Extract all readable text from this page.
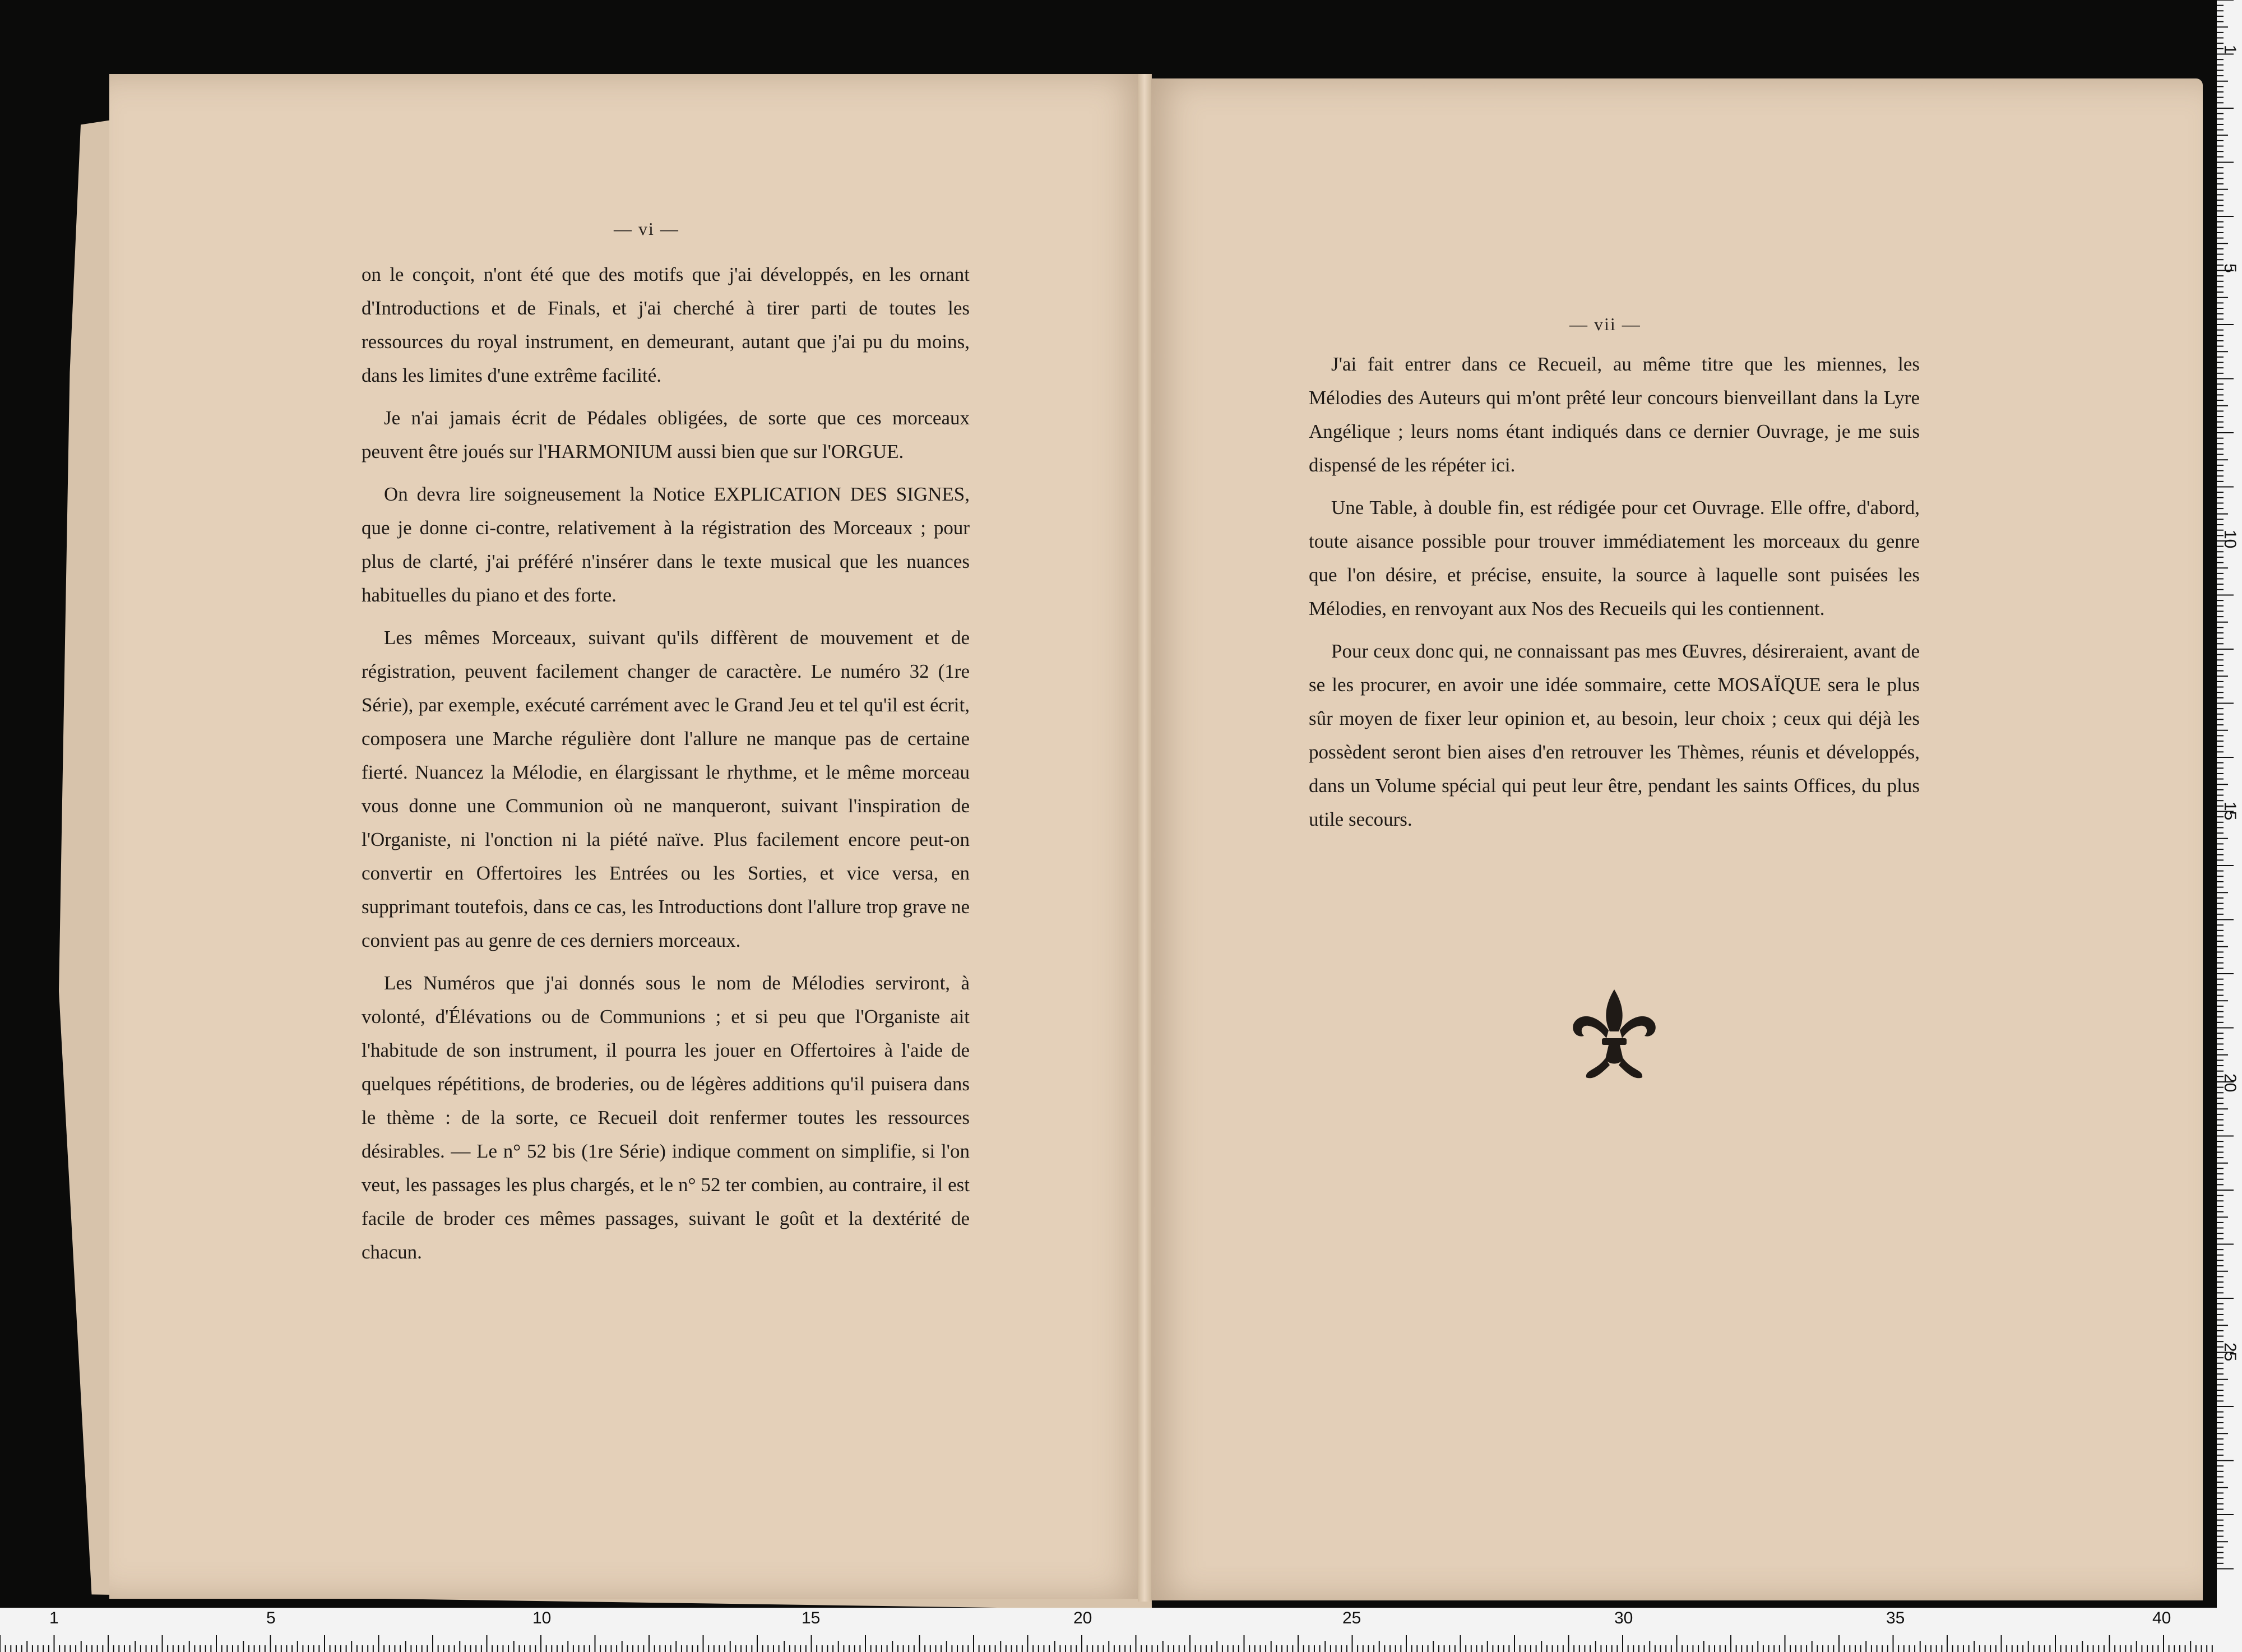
— vi —

on le conçoit, n'ont été que des motifs que j'ai développés, en les ornant d'Introductions et de Finals, et j'ai cherché à tirer parti de toutes les ressources du royal instrument, en demeurant, autant que j'ai pu du moins, dans les limites d'une extrême facilité.

Je n'ai jamais écrit de Pédales obligées, de sorte que ces morceaux peuvent être joués sur l'HARMONIUM aussi bien que sur l'ORGUE.

On devra lire soigneusement la Notice EXPLICATION DES SIGNES, que je donne ci-contre, relativement à la régistration des Morceaux ; pour plus de clarté, j'ai préféré n'insérer dans le texte musical que les nuances habituelles du piano et des forte.

Les mêmes Morceaux, suivant qu'ils diffèrent de mouvement et de régistration, peuvent facilement changer de caractère. Le numéro 32 (1re Série), par exemple, exécuté carrément avec le Grand Jeu et tel qu'il est écrit, composera une Marche régulière dont l'allure ne manque pas de certaine fierté. Nuancez la Mélodie, en élargissant le rhythme, et le même morceau vous donne une Communion où ne manqueront, suivant l'inspiration de l'Organiste, ni l'onction ni la piété naïve. Plus facilement encore peut-on convertir en Offertoires les Entrées ou les Sorties, et vice versa, en supprimant toutefois, dans ce cas, les Introductions dont l'allure trop grave ne convient pas au genre de ces derniers morceaux.

Les Numéros que j'ai donnés sous le nom de Mélodies serviront, à volonté, d'Élévations ou de Communions ; et si peu que l'Organiste ait l'habitude de son instrument, il pourra les jouer en Offertoires à l'aide de quelques répétitions, de broderies, ou de légères additions qu'il puisera dans le thème : de la sorte, ce Recueil doit renfermer toutes les ressources désirables. — Le n° 52 bis (1re Série) indique comment on simplifie, si l'on veut, les passages les plus chargés, et le n° 52 ter combien, au contraire, il est facile de broder ces mêmes passages, suivant le goût et la dextérité de chacun.

— vii —

J'ai fait entrer dans ce Recueil, au même titre que les miennes, les Mélodies des Auteurs qui m'ont prêté leur concours bienveillant dans la Lyre Angélique ; leurs noms étant indiqués dans ce dernier Ouvrage, je me suis dispensé de les répéter ici.

Une Table, à double fin, est rédigée pour cet Ouvrage. Elle offre, d'abord, toute aisance possible pour trouver immédiatement les morceaux du genre que l'on désire, et précise, ensuite, la source à laquelle sont puisées les Mélodies, en renvoyant aux Nos des Recueils qui les contiennent.

Pour ceux donc qui, ne connaissant pas mes Œuvres, désireraient, avant de se les procurer, en avoir une idée sommaire, cette MOSAÏQUE sera le plus sûr moyen de fixer leur opinion et, au besoin, leur choix ; ceux qui déjà les possèdent seront bien aises d'en retrouver les Thèmes, réunis et développés, dans un Volume spécial qui peut leur être, pendant les saints Offices, du plus utile secours.

1
5
10
15
20
25
1	5	10	15	20	25	30	35	40
